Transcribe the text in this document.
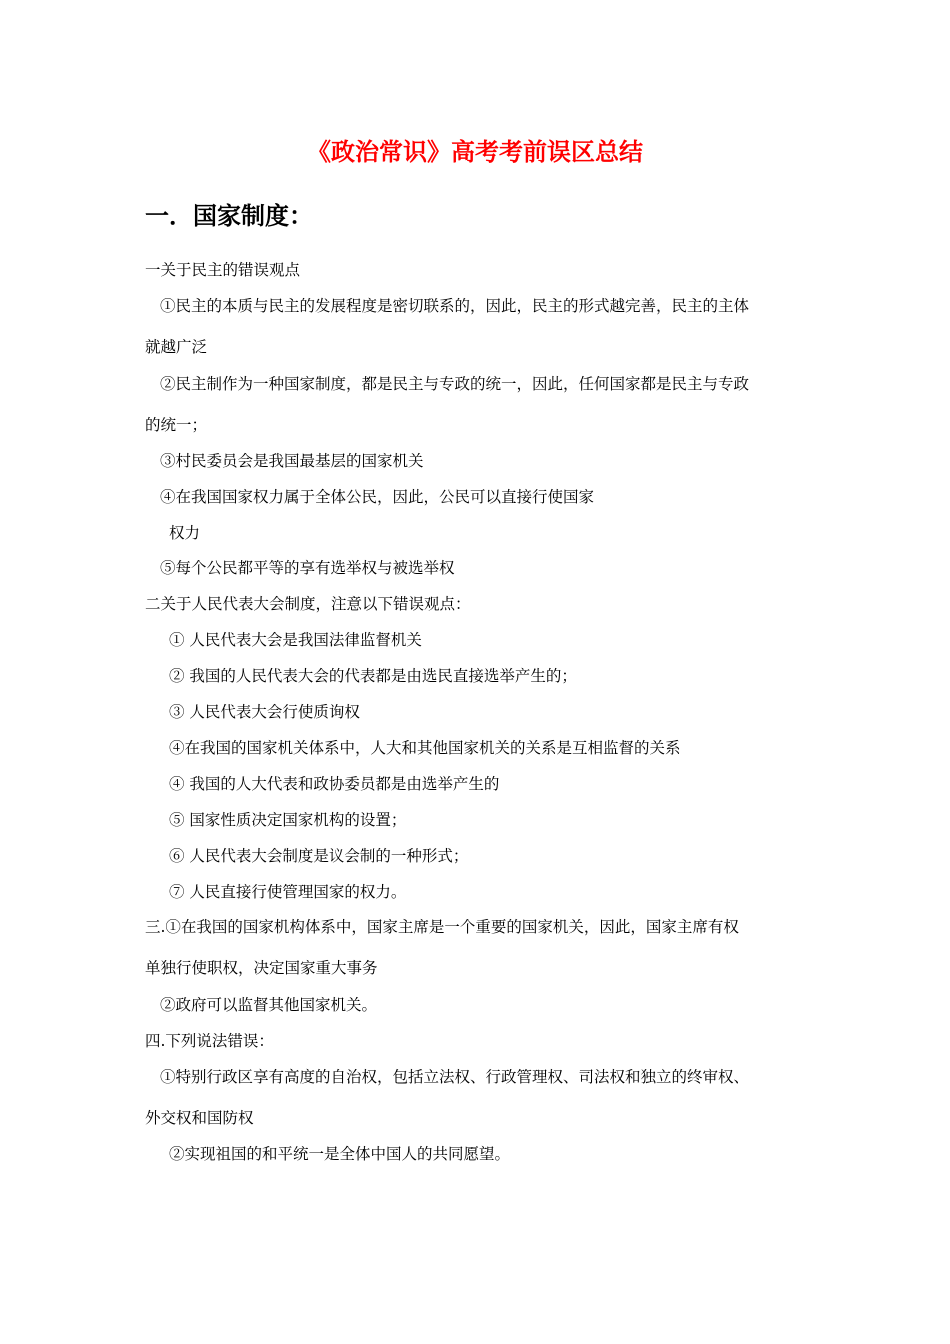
《政治常识》高考考前误区总结
一．国家制度：
一关于民主的错误观点
①民主的本质与民主的发展程度是密切联系的，因此，民主的形式越完善，民主的主体
就越广泛
②民主制作为一种国家制度，都是民主与专政的统一，因此，任何国家都是民主与专政
的统一；
③村民委员会是我国最基层的国家机关
④在我国国家权力属于全体公民，因此，公民可以直接行使国家
权力
⑤每个公民都平等的享有选举权与被选举权
二关于人民代表大会制度，注意以下错误观点：
① 人民代表大会是我国法律监督机关
② 我国的人民代表大会的代表都是由选民直接选举产生的；
③ 人民代表大会行使质询权
④在我国的国家机关体系中，人大和其他国家机关的关系是互相监督的关系
④ 我国的人大代表和政协委员都是由选举产生的
⑤ 国家性质决定国家机构的设置；
⑥ 人民代表大会制度是议会制的一种形式；
⑦ 人民直接行使管理国家的权力。
三.①在我国的国家机构体系中，国家主席是一个重要的国家机关，因此，国家主席有权
单独行使职权，决定国家重大事务
②政府可以监督其他国家机关。
四.下列说法错误：
①特别行政区享有高度的自治权，包括立法权、行政管理权、司法权和独立的终审权、
外交权和国防权
②实现祖国的和平统一是全体中国人的共同愿望。
